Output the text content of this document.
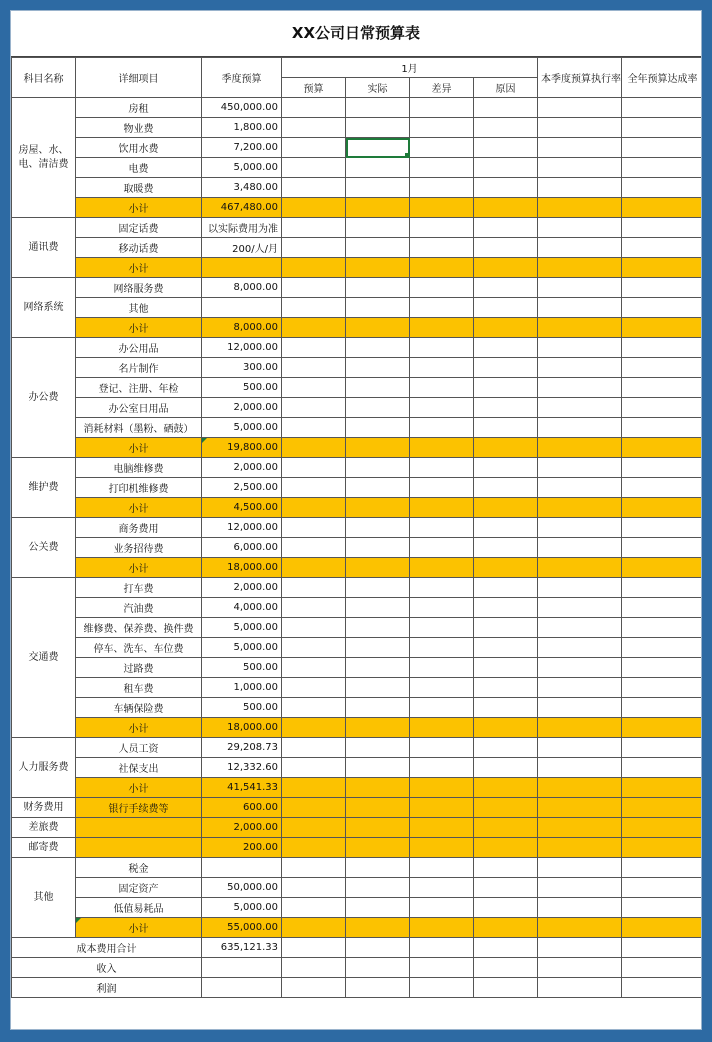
XX公司日常预算表
科目名称	详细项目	季度预算	1月				本季度预算执行率	全年预算达成率
			预算	实际	差异	原因		
房屋、水、电、清洁费	房租	450,000.00						
	物业费	1,800.00						
	饮用水费	7,200.00						
	电费	5,000.00						
	取暖费	3,480.00						
	小计	467,480.00						
通讯费	固定话费	以实际费用为准						
	移动话费	200/人/月						
	小计							
网络系统	网络服务费	8,000.00						
	其他							
	小计	8,000.00						
办公费	办公用品	12,000.00						
	名片制作	300.00						
	登记、注册、年检	500.00						
	办公室日用品	2,000.00						
	消耗材料（墨粉、硒鼓）	5,000.00						
	小计	19,800.00						
维护费	电脑维修费	2,000.00						
	打印机维修费	2,500.00						
	小计	4,500.00						
公关费	商务费用	12,000.00						
	业务招待费	6,000.00						
	小计	18,000.00						
交通费	打车费	2,000.00						
	汽油费	4,000.00						
	维修费、保养费、换件费	5,000.00						
	停车、洗车、车位费	5,000.00						
	过路费	500.00						
	租车费	1,000.00						
	车辆保险费	500.00						
	小计	18,000.00						
人力服务费	人员工资	29,208.73						
	社保支出	12,332.60						
	小计	41,541.33						
财务费用	银行手续费等	600.00						
差旅费		2,000.00						
邮寄费		200.00						
其他	税金							
	固定资产	50,000.00						
	低值易耗品	5,000.00						
	小计	55,000.00						
成本费用合计		635,121.33						
收入								
利润								
